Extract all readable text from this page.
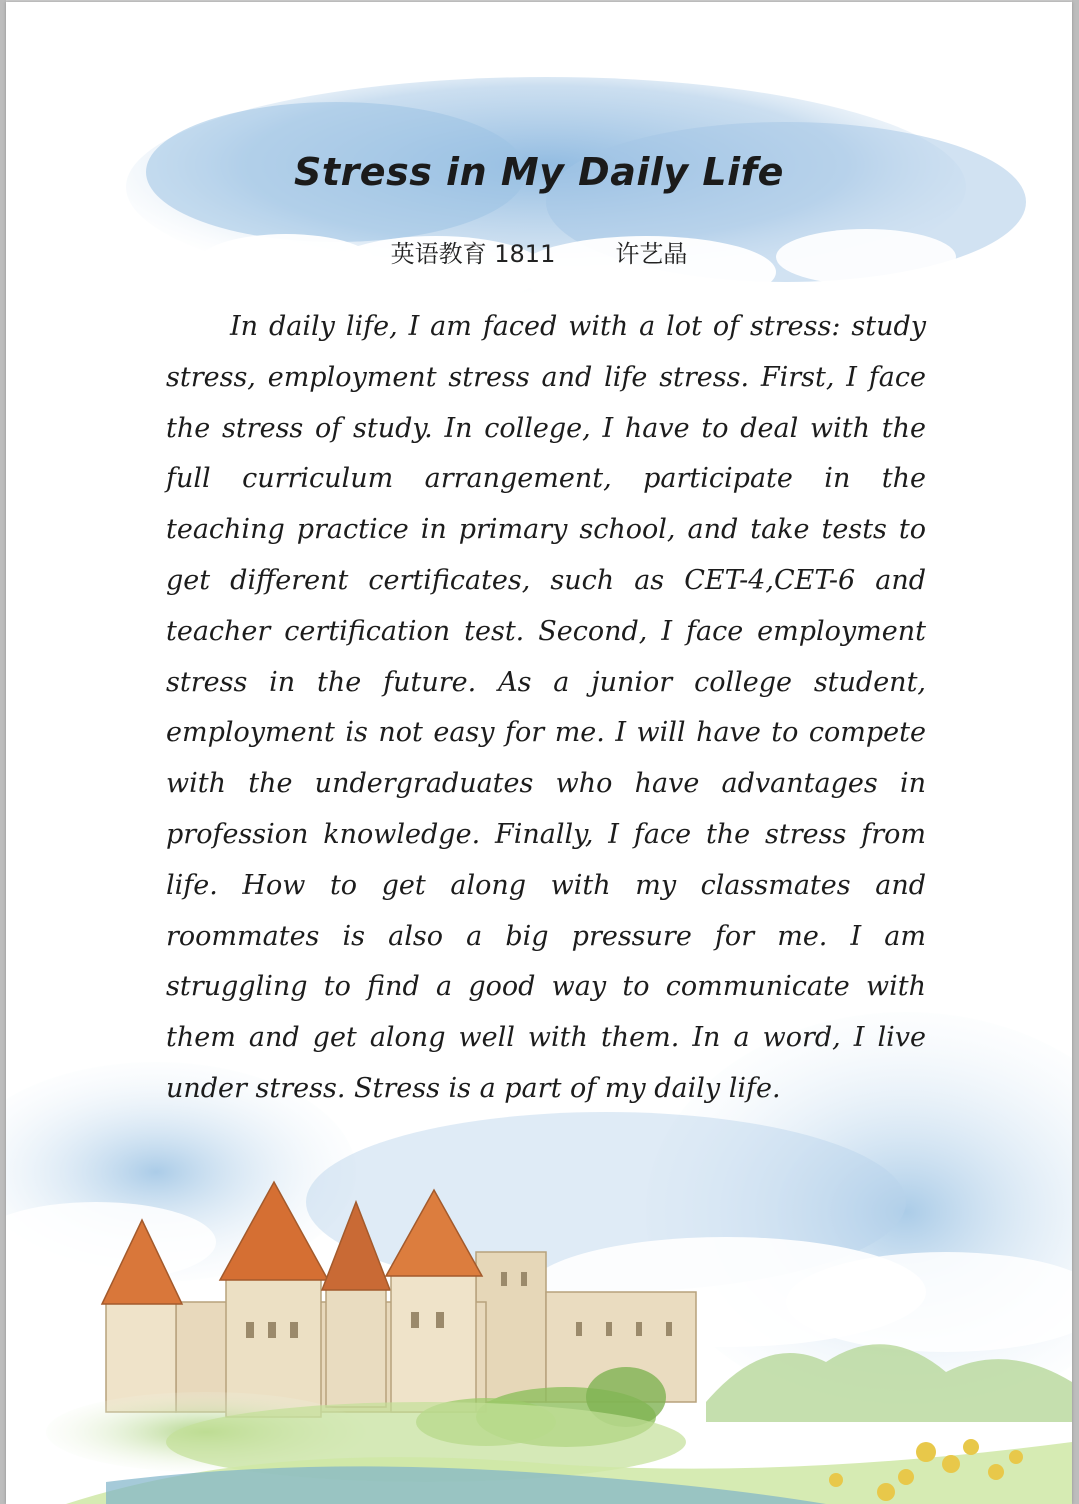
Stress in My Daily Life
英语教育 1811	许艺晶

In daily life, I am faced with a lot of stress: study stress, employment stress and life stress. First, I face the stress of study. In college, I have to deal with the full curriculum arrangement, participate in the teaching practice in primary school, and take tests to get different certificates, such as CET-4,CET-6 and teacher certification test. Second, I face employment stress in the future. As a junior college student, employment is not easy for me. I will have to compete with the undergraduates who have advantages in profession knowledge. Finally, I face the stress from life. How to get along with my classmates and roommates is also a big pressure for me. I am struggling to find a good way to communicate with them and get along well with them. In a word, I live under stress. Stress is a part of my daily life.
